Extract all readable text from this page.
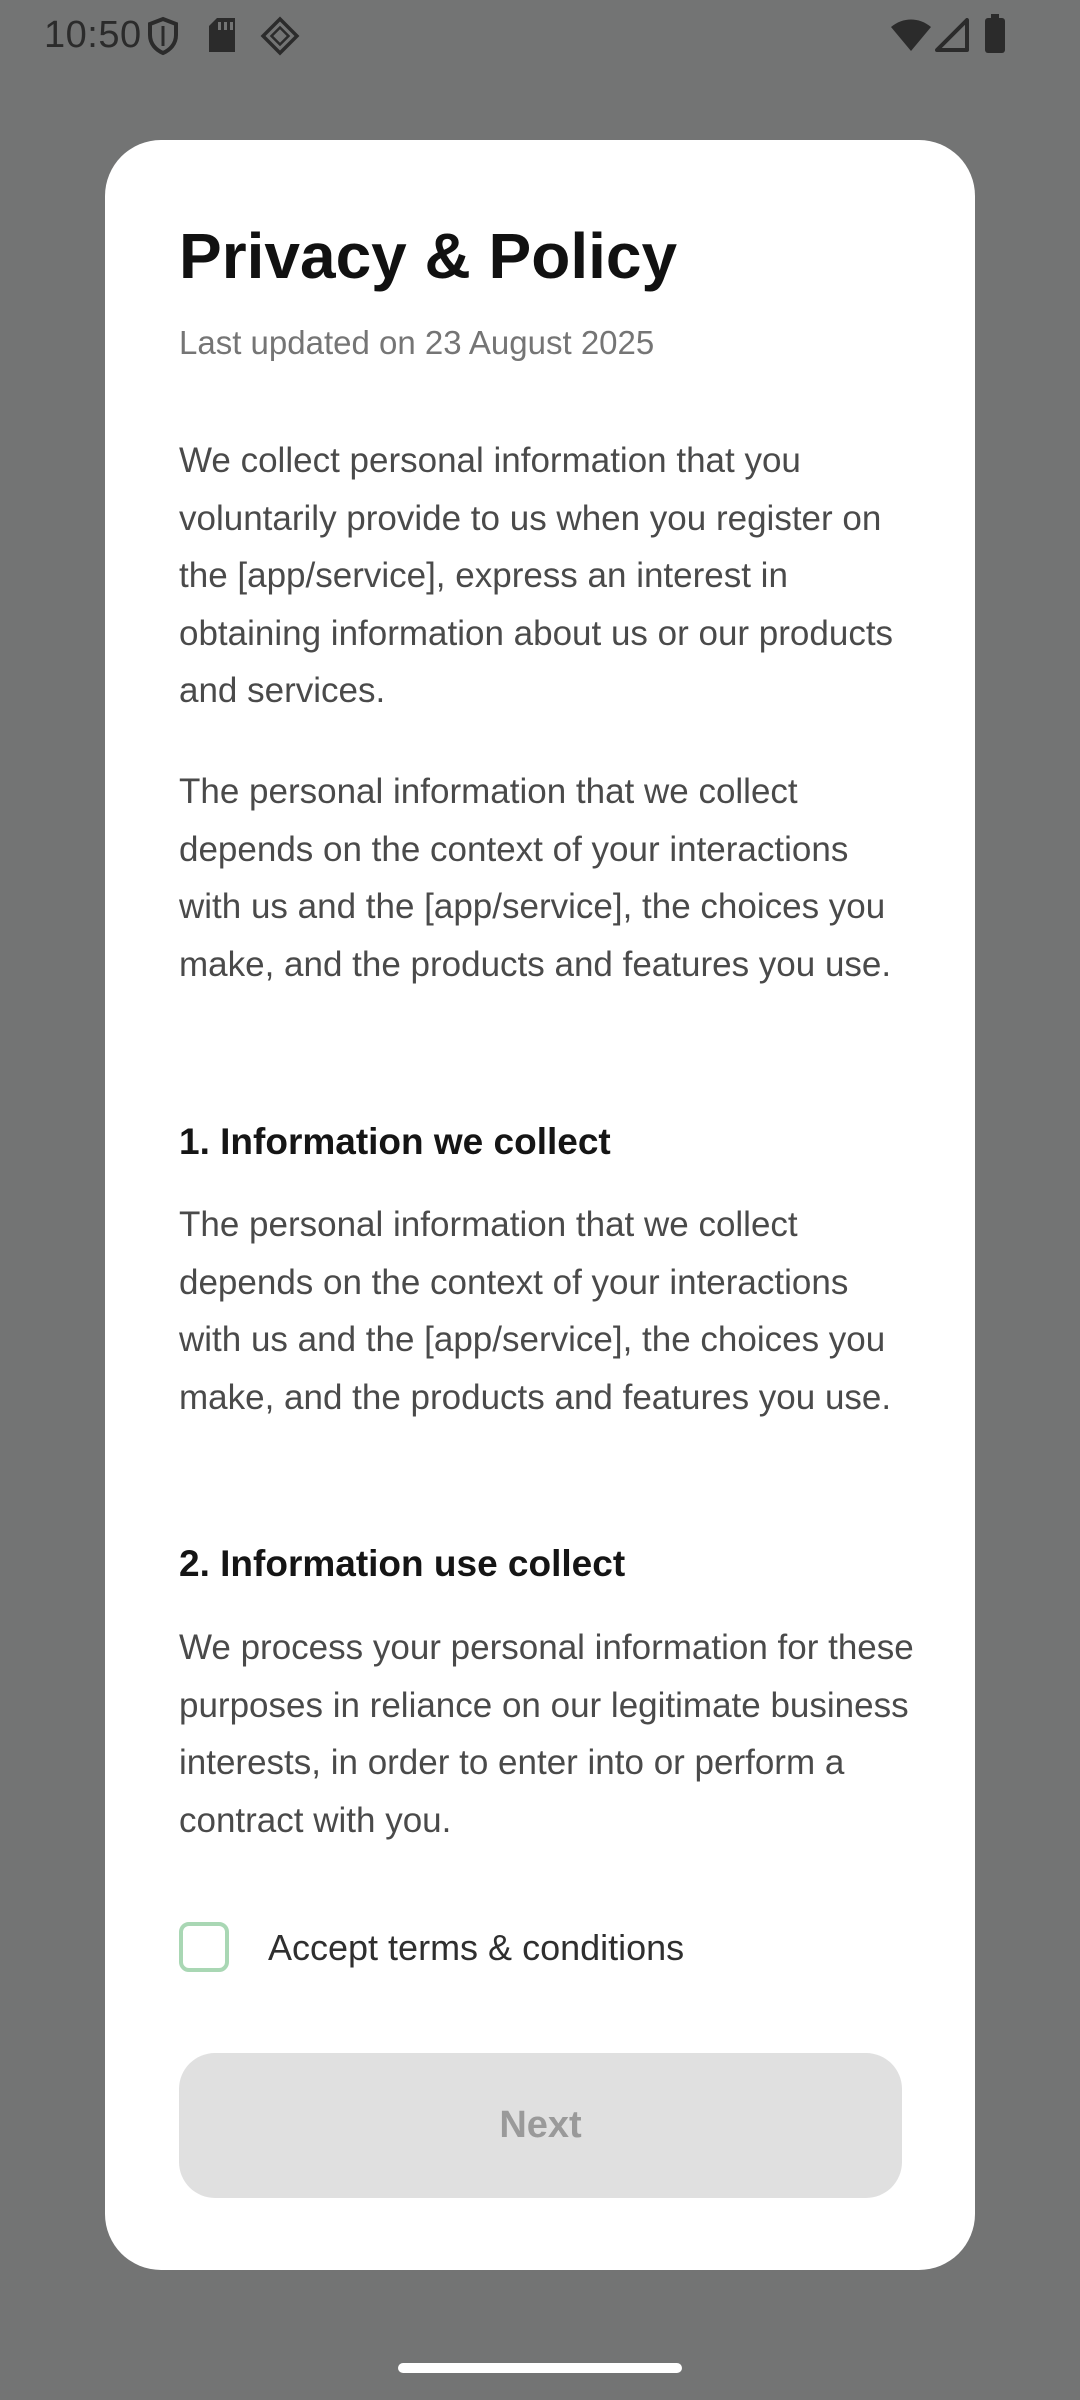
10:50
Privacy & Policy
Last updated on 23 August 2025

We collect personal information that you voluntarily provide to us when you register on the [app/service], express an interest in obtaining information about us or our products and services.

The personal information that we collect depends on the context of your interactions with us and the [app/service], the choices you make, and the products and features you use.

1. Information we collect

The personal information that we collect depends on the context of your interactions with us and the [app/service], the choices you make, and the products and features you use.

2. Information use collect

We process your personal information for these purposes in reliance on our legitimate business interests, in order to enter into or perform a contract with you.

Accept terms & conditions
Next
